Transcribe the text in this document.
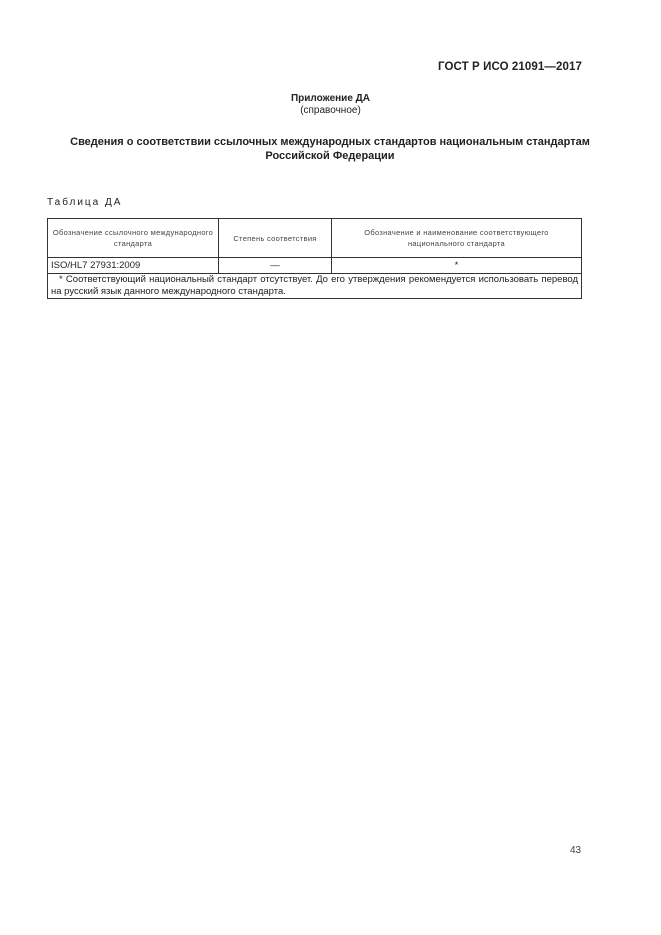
ГОСТ Р ИСО 21091—2017
Приложение ДА
(справочное)
Сведения о соответствии ссылочных международных стандартов национальным стандартам
Российской Федерации
Таблица ДА
Обозначение ссылочного международного стандарта	Степень соответствия	Обозначение и наименование соответствующего национального стандарта
ISO/HL7 27931:2009	—	*
* Соответствующий национальный стандарт отсутствует. До его утверждения рекомендуется использовать перевод на русский язык данного международного стандарта.		
43
